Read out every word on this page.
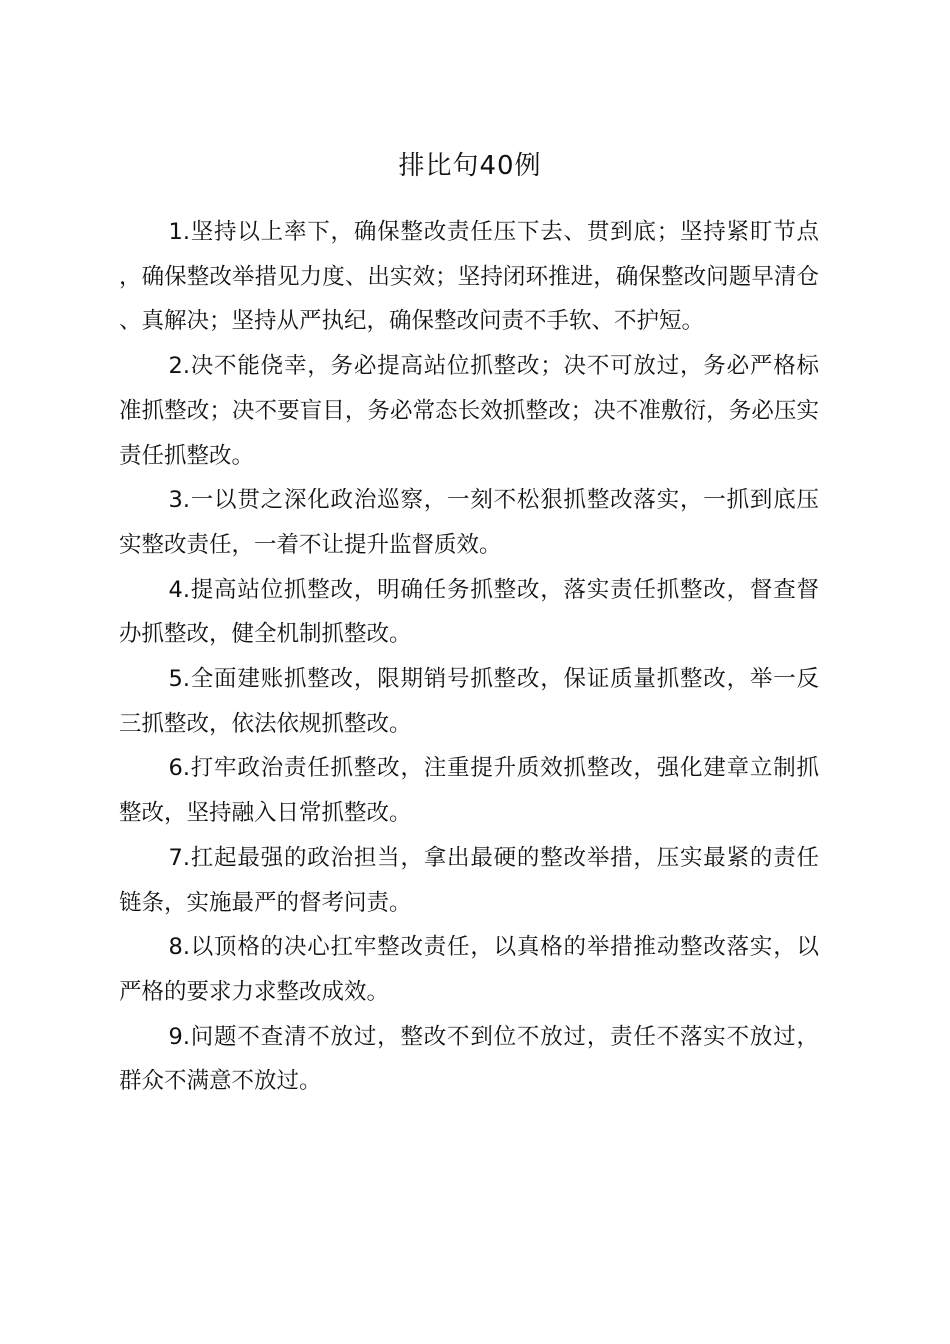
排比句40例

1.坚持以上率下，确保整改责任压下去、贯到底；坚持紧盯节点，确保整改举措见力度、出实效；坚持闭环推进，确保整改问题早清仓、真解决；坚持从严执纪，确保整改问责不手软、不护短。

2.决不能侥幸，务必提高站位抓整改；决不可放过，务必严格标准抓整改；决不要盲目，务必常态长效抓整改；决不准敷衍，务必压实责任抓整改。

3.一以贯之深化政治巡察，一刻不松狠抓整改落实，一抓到底压实整改责任，一着不让提升监督质效。

4.提高站位抓整改，明确任务抓整改，落实责任抓整改，督查督办抓整改，健全机制抓整改。

5.全面建账抓整改，限期销号抓整改，保证质量抓整改，举一反三抓整改，依法依规抓整改。

6.打牢政治责任抓整改，注重提升质效抓整改，强化建章立制抓整改，坚持融入日常抓整改。

7.扛起最强的政治担当，拿出最硬的整改举措，压实最紧的责任链条，实施最严的督考问责。

8.以顶格的决心扛牢整改责任，以真格的举措推动整改落实，以严格的要求力求整改成效。

9.问题不查清不放过，整改不到位不放过，责任不落实不放过，群众不满意不放过。
